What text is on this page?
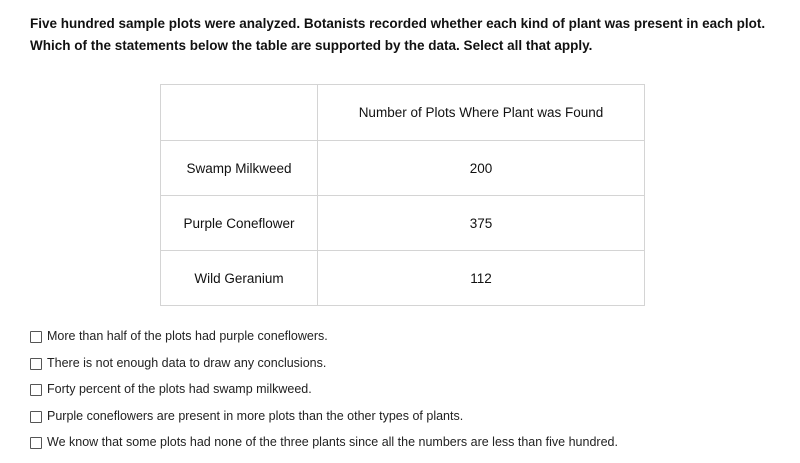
Five hundred sample plots were analyzed. Botanists recorded whether each kind of plant was present in each plot.

Which of the statements below the table are supported by the data. Select all that apply.

	Number of Plots Where Plant was Found
Swamp Milkweed	200
Purple Coneflower	375
Wild Geranium	112
More than half of the plots had purple coneflowers.
There is not enough data to draw any conclusions.
Forty percent of the plots had swamp milkweed.
Purple coneflowers are present in more plots than the other types of plants.
We know that some plots had none of the three plants since all the numbers are less than five hundred.
